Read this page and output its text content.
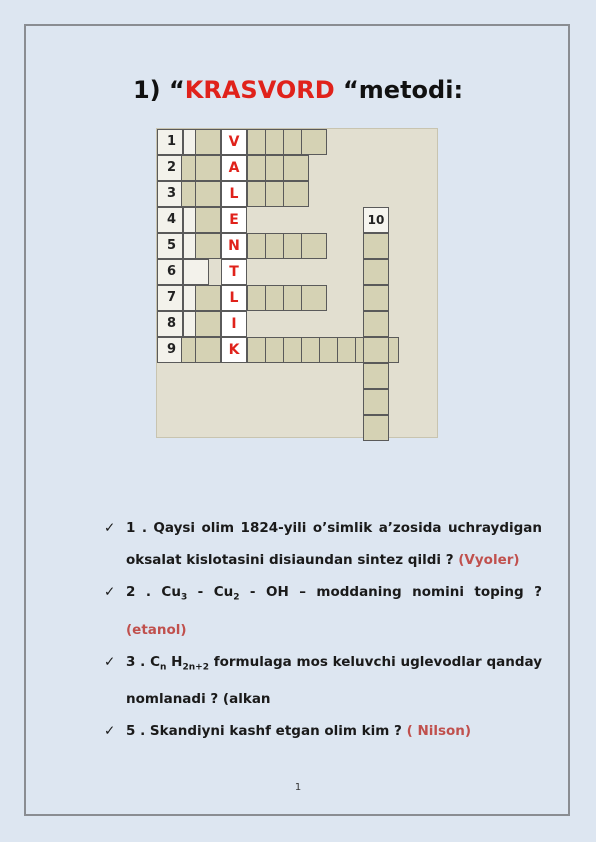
1) “KRASVORD “metodi:
1	V
2	A
3	L
4	E
5	N
6	T
7	L
8	I
9	K
10
✓ 1 . Qaysi olim 1824-yili o’simlik a’zosida uchraydigan oksalat kislotasini disiaundan sintez qildi ? (Vyoler)
✓ 2 . $Cu_3 - Cu_2$ - OH – moddaning nomini toping ? (etanol)
✓ 3 . $C_n$ $H_{2n+2}$ formulaga mos keluvchi uglevodlar qanday nomlanadi ? (alkan
✓ 5 . Skandiyni kashf etgan olim kim ? ( Nilson)
1
